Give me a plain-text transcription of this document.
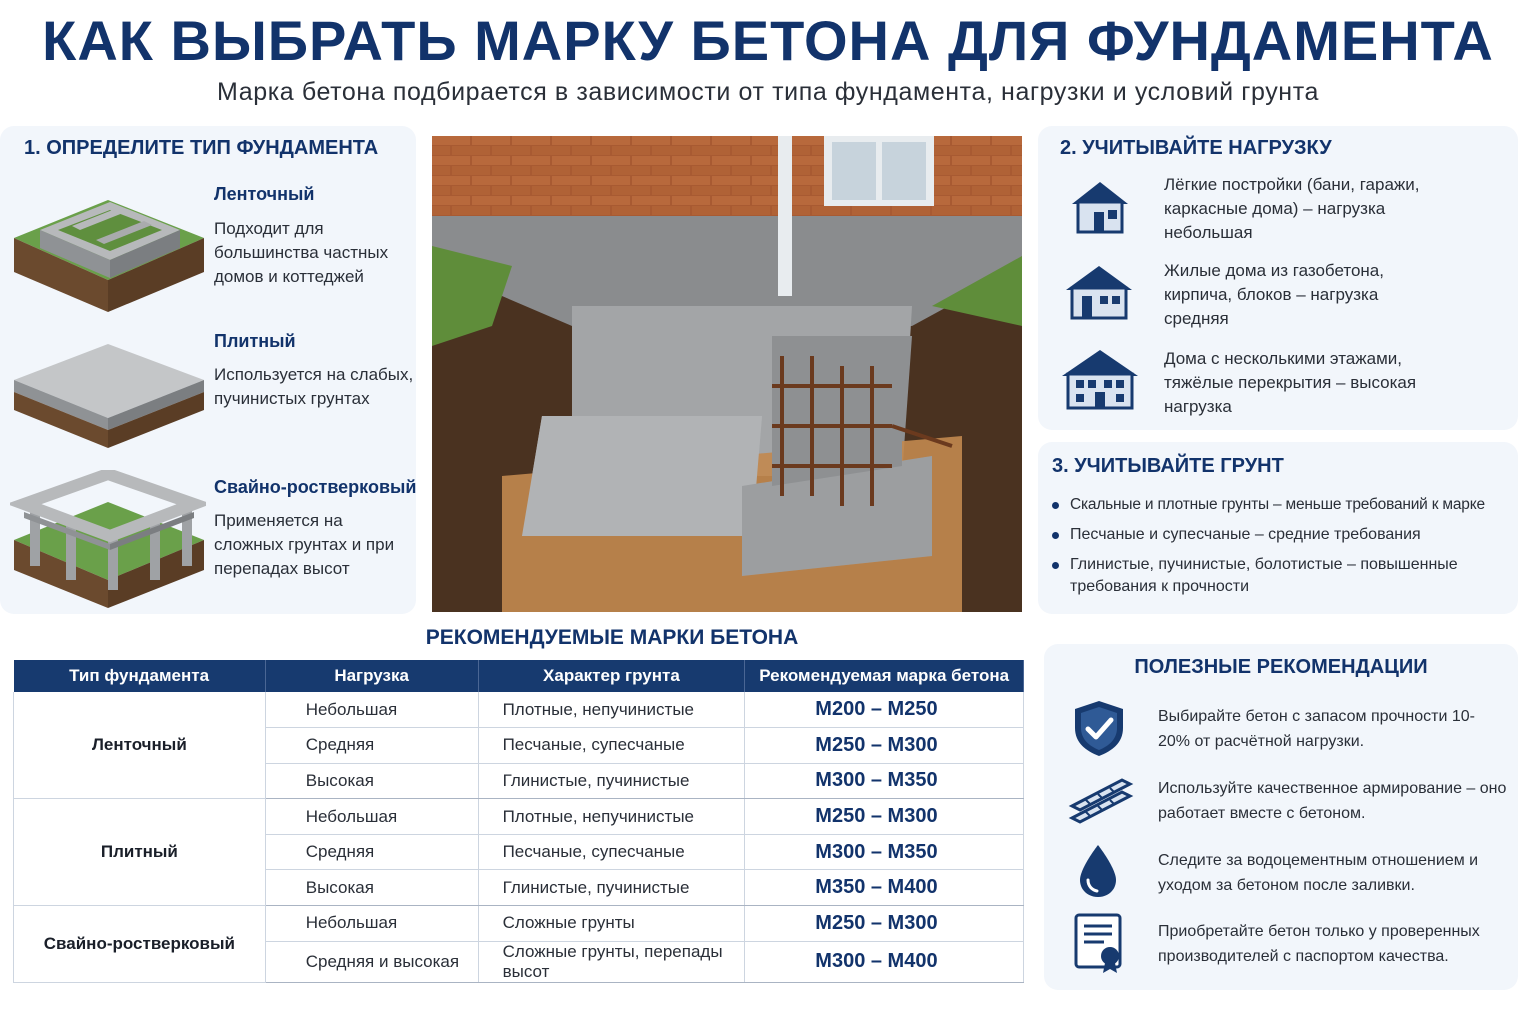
КАК ВЫБРАТЬ МАРКУ БЕТОНА ДЛЯ ФУНДАМЕНТА
Марка бетона подбирается в зависимости от типа фундамента, нагрузки и условий грунта
1. ОПРЕДЕЛИТЕ ТИП ФУНДАМЕНТА
Ленточный
Подходит для большинства частных домов и коттеджей
Плитный
Используется на слабых, пучинистых грунтах
Свайно-ростверковый
Применяется на сложных грунтах и при перепадах высот
2. УЧИТЫВАЙТЕ НАГРУЗКУ
Лёгкие постройки (бани, гаражи, каркасные дома) – нагрузка небольшая
Жилые дома из газобетона, кирпича, блоков – нагрузка средняя
Дома с несколькими этажами, тяжёлые перекрытия – высокая нагрузка
3. УЧИТЫВАЙТЕ ГРУНТ
Скальные и плотные грунты – меньше требований к марке
Песчаные и супесчаные – средние требования
Глинистые, пучинистые, болотистые – повышенные требования к прочности
РЕКОМЕНДУЕМЫЕ МАРКИ БЕТОНА
Тип фундамента	Нагрузка	Характер грунта	Рекомендуемая марка бетона
Ленточный	Небольшая	Плотные, непучинистые	М200 – М250
	Средняя	Песчаные, супесчаные	М250 – М300
	Высокая	Глинистые, пучинистые	М300 – М350
Плитный	Небольшая	Плотные, непучинистые	М250 – М300
	Средняя	Песчаные, супесчаные	М300 – М350
	Высокая	Глинистые, пучинистые	М350 – М400
Свайно-ростверковый	Небольшая	Сложные грунты	М250 – М300
	Средняя и высокая	Сложные грунты, перепады высот	М300 – М400
ПОЛЕЗНЫЕ РЕКОМЕНДАЦИИ
Выбирайте бетон с запасом прочности 10-20% от расчётной нагрузки.
Используйте качественное армирование – оно работает вместе с бетоном.
Следите за водоцементным отношением и уходом за бетоном после заливки.
Приобретайте бетон только у проверенных производителей с паспортом качества.
